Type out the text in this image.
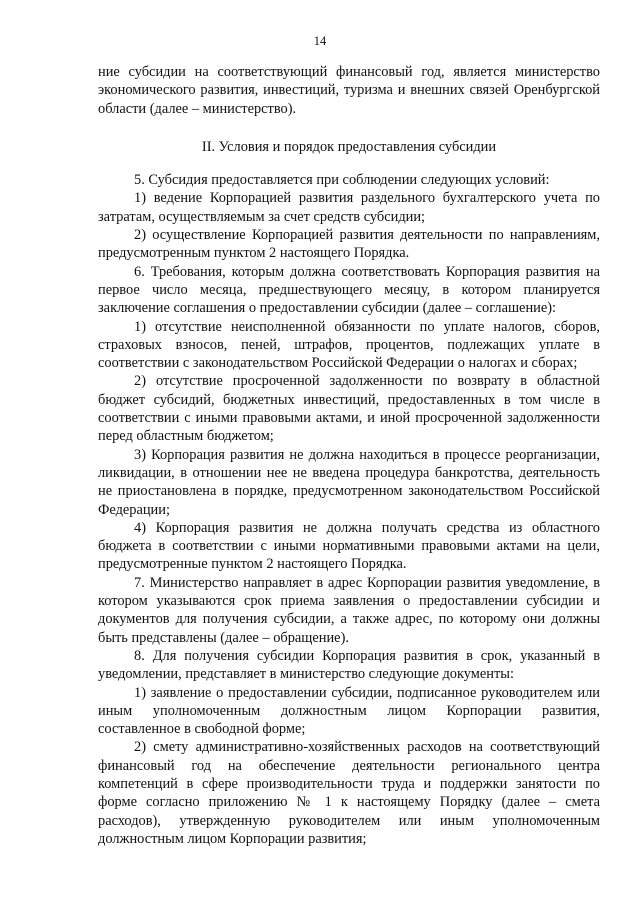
14

ние субсидии на соответствующий финансовый год, является министерство экономического развития, инвестиций, туризма и внешних связей Оренбургской области (далее – министерство).

II. Условия и порядок предоставления субсидии

5. Субсидия предоставляется при соблюдении следующих условий:

1) ведение Корпорацией развития раздельного бухгалтерского учета по затратам, осуществляемым за счет средств субсидии;

2) осуществление Корпорацией развития деятельности по направлениям, предусмотренным пунктом 2 настоящего Порядка.

6. Требования, которым должна соответствовать Корпорация развития на первое число месяца, предшествующего месяцу, в котором планируется заключение соглашения о предоставлении субсидии (далее – соглашение):

1) отсутствие неисполненной обязанности по уплате налогов, сборов, страховых взносов, пеней, штрафов, процентов, подлежащих уплате в соответствии с законодательством Российской Федерации о налогах и сборах;

2) отсутствие просроченной задолженности по возврату в областной бюджет субсидий, бюджетных инвестиций, предоставленных в том числе в соответствии с иными правовыми актами, и иной просроченной задолженности перед областным бюджетом;

3) Корпорация развития не должна находиться в процессе реорганизации, ликвидации, в отношении нее не введена процедура банкротства, деятельность не приостановлена в порядке, предусмотренном законодательством Российской Федерации;

4) Корпорация развития не должна получать средства из областного бюджета в соответствии с иными нормативными правовыми актами на цели, предусмотренные пунктом 2 настоящего Порядка.

7. Министерство направляет в адрес Корпорации развития уведомление, в котором указываются срок приема заявления о предоставлении субсидии и документов для получения субсидии, а также адрес, по которому они должны быть представлены (далее – обращение).

8. Для получения субсидии Корпорация развития в срок, указанный в уведомлении, представляет в министерство следующие документы:

1) заявление о предоставлении субсидии, подписанное руководителем или иным уполномоченным должностным лицом Корпорации развития, составленное в свободной форме;

2) смету административно-хозяйственных расходов на соответствующий финансовый год на обеспечение деятельности регионального центра компетенций в сфере производительности труда и поддержки занятости по форме согласно приложению № 1 к настоящему Порядку (далее – смета расходов), утвержденную руководителем или иным уполномоченным должностным лицом Корпорации развития;
